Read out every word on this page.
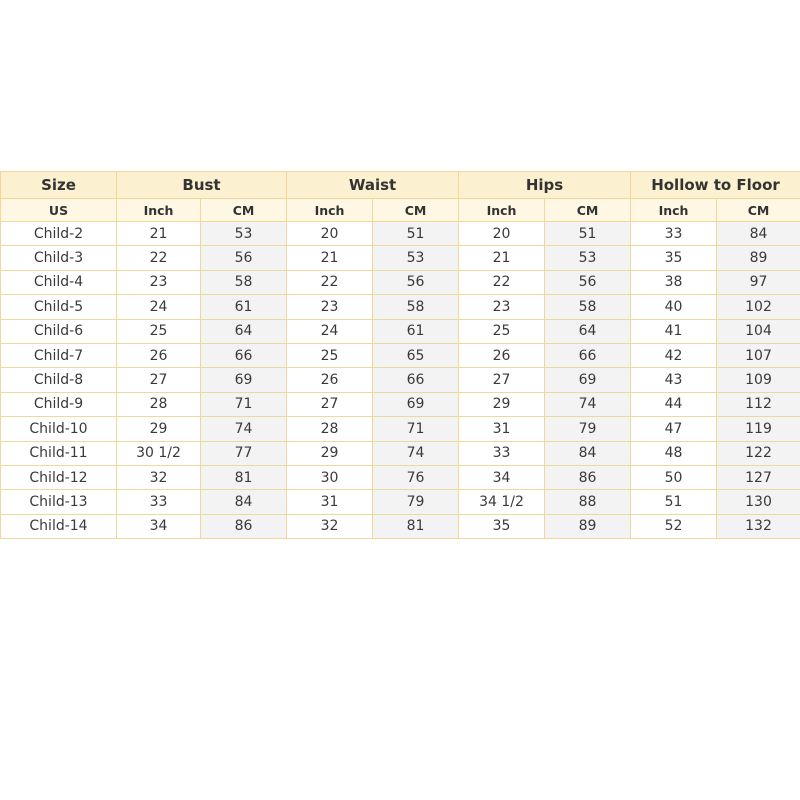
Size	Bust		Waist		Hips		Hollow to Floor	
US	Inch	CM	Inch	CM	Inch	CM	Inch	CM
Child-2	21	53	20	51	20	51	33	84
Child-3	22	56	21	53	21	53	35	89
Child-4	23	58	22	56	22	56	38	97
Child-5	24	61	23	58	23	58	40	102
Child-6	25	64	24	61	25	64	41	104
Child-7	26	66	25	65	26	66	42	107
Child-8	27	69	26	66	27	69	43	109
Child-9	28	71	27	69	29	74	44	112
Child-10	29	74	28	71	31	79	47	119
Child-11	30 1/2	77	29	74	33	84	48	122
Child-12	32	81	30	76	34	86	50	127
Child-13	33	84	31	79	34 1/2	88	51	130
Child-14	34	86	32	81	35	89	52	132
